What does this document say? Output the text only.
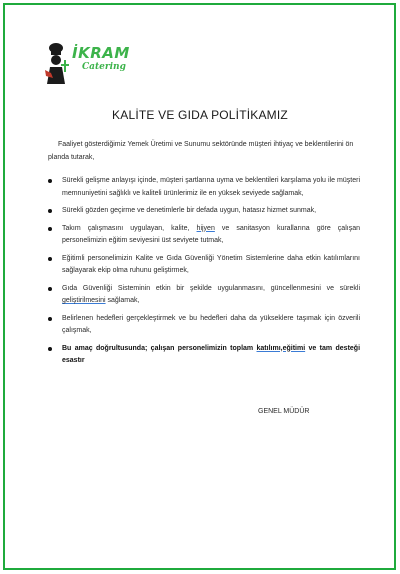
İKRAM
Catering
KALİTE VE GIDA POLİTİKAMIZ

Faaliyet gösterdiğimiz Yemek Üretimi ve Sunumu sektöründe müşteri ihtiyaç ve beklentilerini ön planda tutarak,

Sürekli gelişme anlayışı içinde, müşteri şartlarına uyma ve beklentileri karşılama yolu ile müşteri memnuniyetini sağlıklı ve kaliteli ürünlerimiz ile en yüksek seviyede sağlamak,
Sürekli gözden geçirme ve denetimlerle bir defada uygun, hatasız hizmet sunmak,
Takım çalışmasını uygulayan, kalite, hijyen ve sanitasyon kurallarına göre çalışan personelimizin eğitim seviyesini üst seviyete tutmak,
Eğitimli personelimizin Kalite ve Gıda Güvenliği Yönetim Sistemlerine daha etkin katılımlarını sağlayarak ekip olma ruhunu geliştirmek,
Gıda Güvenliği Sisteminin etkin bir şekilde uygulanmasını, güncellenmesini ve sürekli geliştirilmesini sağlamak,
Belirlenen hedefleri gerçekleştirmek ve bu hedefleri daha da yükseklere taşımak için özverili çalışmak,
Bu amaç doğrultusunda; çalışan personelimizin toplam katılımı,eğitimi ve tam desteği esastır
GENEL MÜDÜR
